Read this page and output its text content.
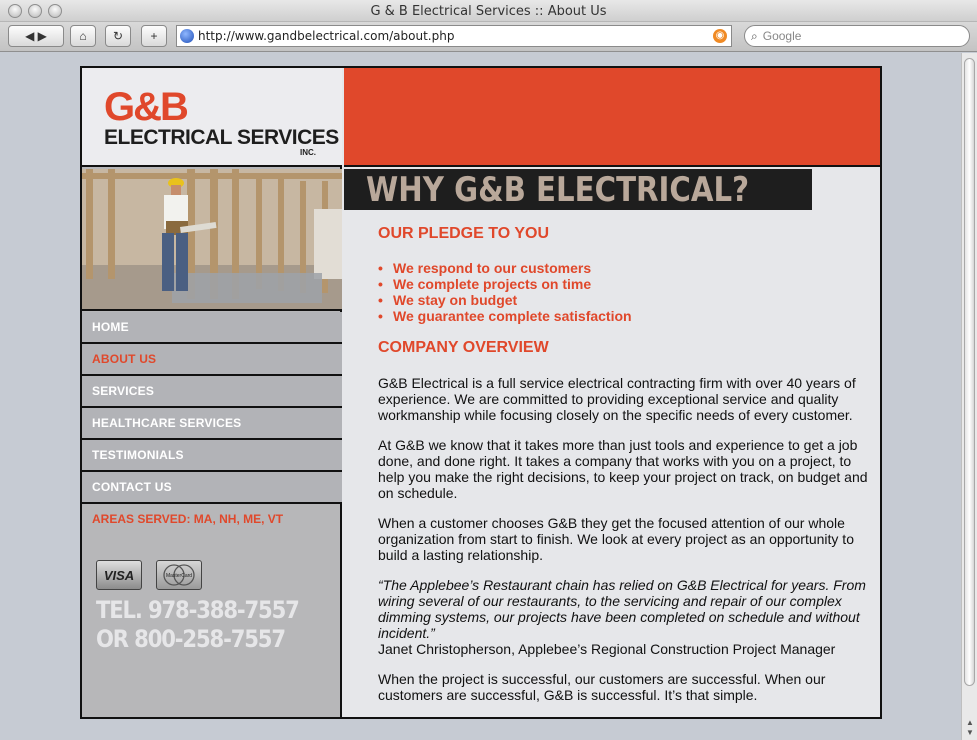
G & B Electrical Services :: About Us
◀ ▶	⌂ ↻ +	http://www.gandbelectrical.com/about.php	◉ ⌕ Google
▲
▼
G&B
ELECTRICAL SERVICES
INC.
HOME
ABOUT US
SERVICES
HEALTHCARE SERVICES
TESTIMONIALS
CONTACT US
AREAS SERVED: MA, NH, ME, VT
VISA	MasterCard
TEL. 978-388-7557
OR 800-258-7557
WHY G&B ELECTRICAL?
OUR PLEDGE TO YOU
• We respond to our customers
• We complete projects on time
• We stay on budget
• We guarantee complete satisfaction
COMPANY OVERVIEW

G&B Electrical is a full service electrical contracting firm with over 40 years of experience. We are committed to providing exceptional service and quality workmanship while focusing closely on the specific needs of every customer.

At G&B we know that it takes more than just tools and experience to get a job done, and done right. It takes a company that works with you on a project, to help you make the right decisions, to keep your project on track, on budget and on schedule.

When a customer chooses G&B they get the focused attention of our whole organization from start to finish. We look at every project as an opportunity to build a lasting relationship.

“The Applebee’s Restaurant chain has relied on G&B Electrical for years. From wiring several of our restaurants, to the servicing and repair of our complex dimming systems, our projects have been completed on schedule and without incident.”

Janet Christopherson, Applebee’s Regional Construction Project Manager

When the project is successful, our customers are successful. When our customers are successful, G&B is successful. It’s that simple.
